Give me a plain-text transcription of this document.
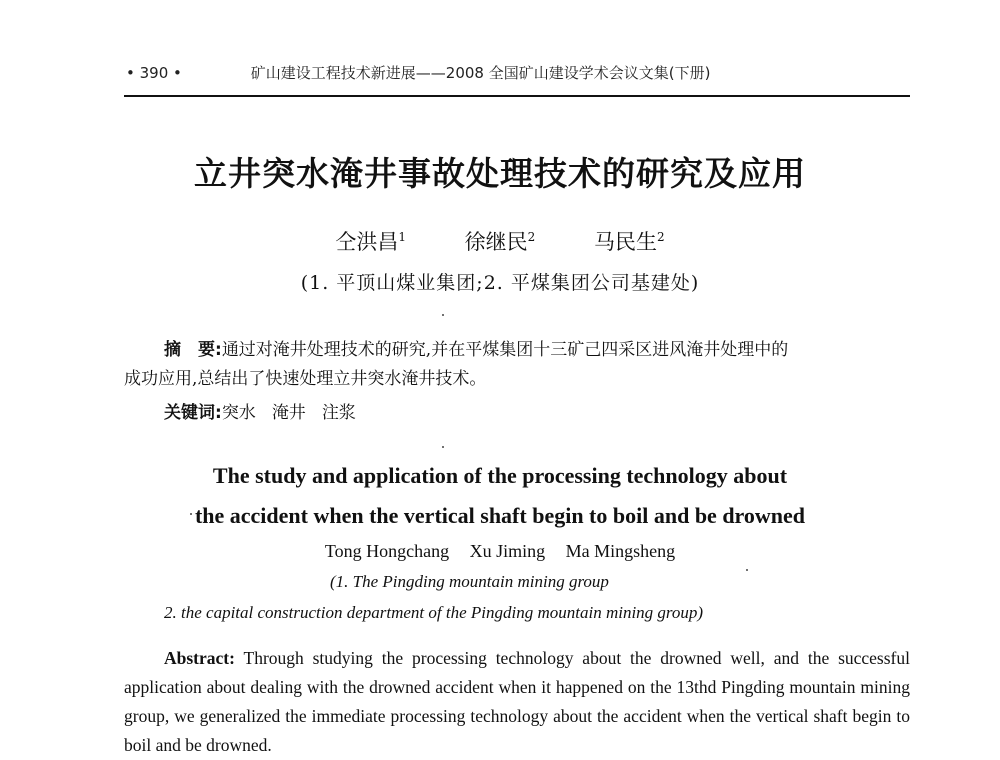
• 390 •	矿山建设工程技术新进展——2008 全国矿山建设学术会议文集(下册)
立井突水淹井事故处理技术的研究及应用
仝洪昌$^1$	徐继民$^2$	马民生$^2$
(1. 平顶山煤业集团;2. 平煤集团公司基建处)
摘　要:通过对淹井处理技术的研究,并在平煤集团十三矿己四采区进风淹井处理中的
成功应用,总结出了快速处理立井突水淹井技术。
关键词:突水 淹井 注浆
The study and application of the processing technology about
the accident when the vertical shaft begin to boil and be drowned
Tong Hongchang Xu Jiming Ma Mingsheng
(1. The Pingding mountain mining group
2. the capital construction department of the Pingding mountain mining group)
Abstract: Through studying the processing technology about the drowned well, and the successful application about dealing with the drowned accident when it happened on the 13thd Pingding mountain mining group, we generalized the immediate processing technology about the accident when the vertical shaft begin to boil and be drowned.
